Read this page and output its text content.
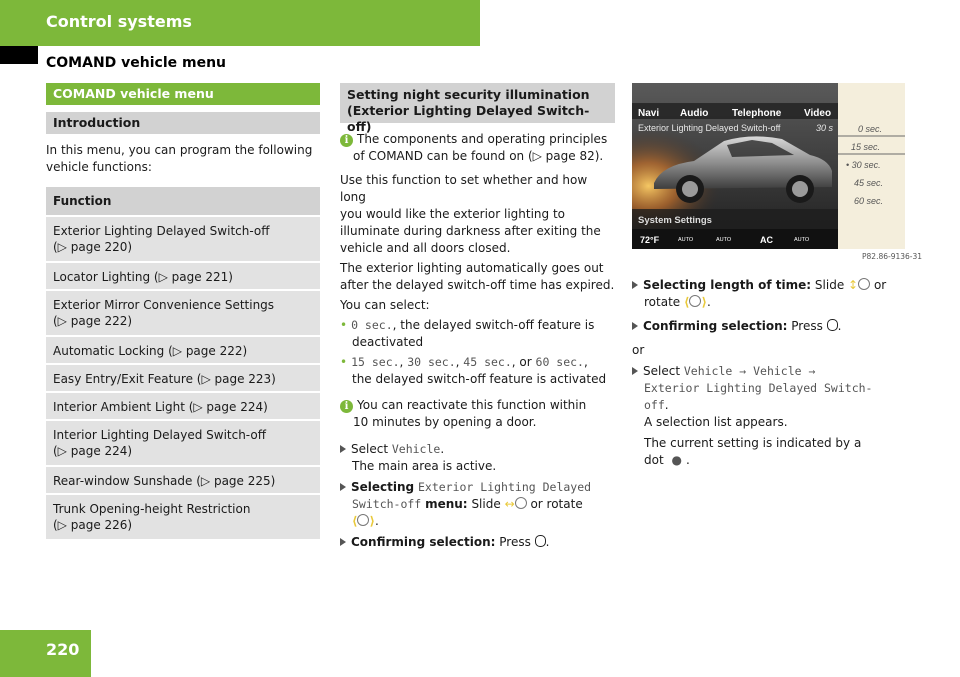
Control systems
COMAND vehicle menu
COMAND vehicle menu
Introduction

In this menu, you can program the following

vehicle functions:

Function
Exterior Lighting Delayed Switch-off
(▷ page 220)
Locator Lighting (▷ page 221)
Exterior Mirror Convenience Settings
(▷ page 222)
Automatic Locking (▷ page 222)
Easy Entry/Exit Feature (▷ page 223)
Interior Ambient Light (▷ page 224)
Interior Lighting Delayed Switch-off
(▷ page 224)
Rear-window Sunshade (▷ page 225)
Trunk Opening-height Restriction
(▷ page 226)
Setting night security illumination
(Exterior Lighting Delayed Switch-off)
i The components and operating principles
of COMAND can be found on (▷ page 82).
Use this function to set whether and how long
you would like the exterior lighting to
illuminate during darkness after exiting the
vehicle and all doors closed.
The exterior lighting automatically goes out
after the delayed switch-off time has expired.
You can select:
• 0 sec., the delayed switch-off feature is
deactivated
• 15 sec., 30 sec., 45 sec., or 60 sec.,
the delayed switch-off feature is activated
i You can reactivate this function within
10 minutes by opening a door.
Select Vehicle.
The main area is active.
Selecting Exterior Lighting Delayed
Switch-off menu: Slide ↔ or rotate
⟨ ⟩.
Confirming selection: Press .
Navi Audio Telephone Video
Exterior Lighting Delayed Switch-off	30 s	0 sec.
15 sec.
• 30 sec.
45 sec.
60 sec.
System Settings
72°F	AUTO	AUTO	AC	AUTO
P82.86-9136-31
Selecting length of time: Slide ↕ or
rotate ⟨ ⟩.
Confirming selection: Press .
or
Select Vehicle → Vehicle →
Exterior Lighting Delayed Switch-
off.
A selection list appears.
The current setting is indicated by a
dot ● .
220
